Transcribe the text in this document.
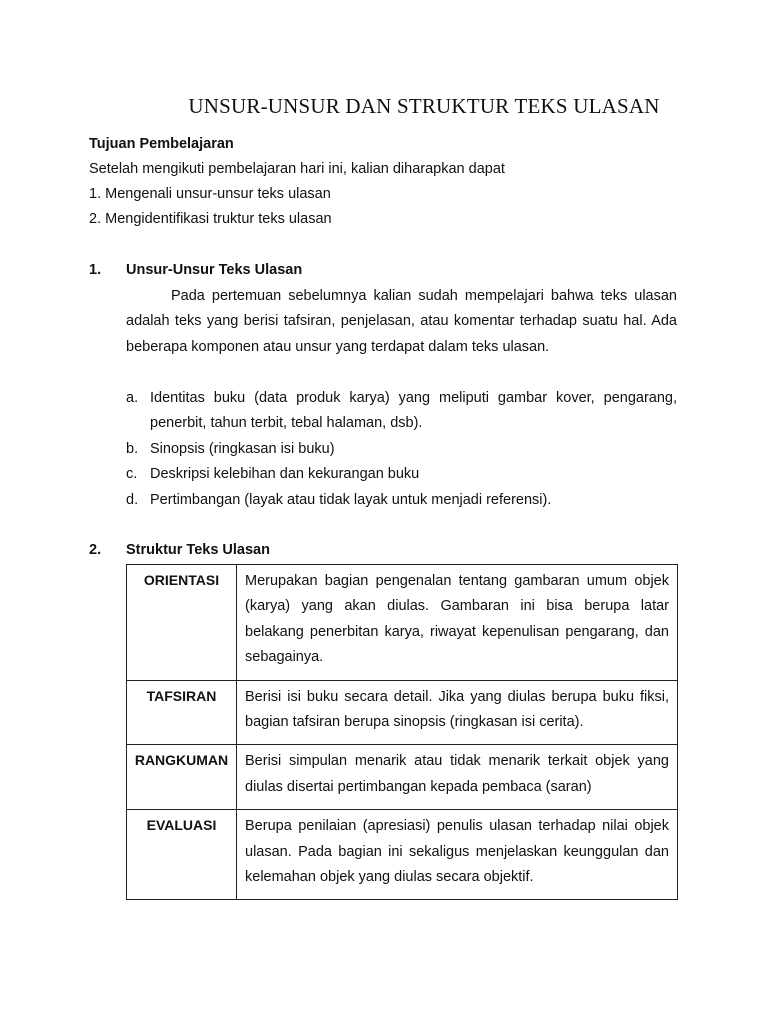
UNSUR-UNSUR DAN STRUKTUR TEKS ULASAN
Tujuan Pembelajaran
Setelah mengikuti pembelajaran hari ini, kalian diharapkan dapat
1. Mengenali unsur-unsur teks ulasan
2. Mengidentifikasi truktur teks ulasan
1. Unsur-Unsur Teks Ulasan
Pada pertemuan sebelumnya kalian sudah mempelajari bahwa teks ulasan adalah teks yang berisi tafsiran, penjelasan, atau komentar terhadap suatu hal. Ada beberapa komponen atau unsur yang terdapat dalam teks ulasan.
a. Identitas buku (data produk karya) yang meliputi gambar kover, pengarang, penerbit, tahun terbit, tebal halaman, dsb).
b. Sinopsis (ringkasan isi buku)
c. Deskripsi kelebihan dan kekurangan buku
d. Pertimbangan (layak atau tidak layak untuk menjadi referensi).
2. Struktur Teks Ulasan
ORIENTASI	Merupakan bagian pengenalan tentang gambaran umum objek (karya) yang akan diulas. Gambaran ini bisa berupa latar belakang penerbitan karya, riwayat kepenulisan pengarang, dan sebagainya.
TAFSIRAN	Berisi isi buku secara detail. Jika yang diulas berupa buku fiksi, bagian tafsiran berupa sinopsis (ringkasan isi cerita).
RANGKUMAN	Berisi simpulan menarik atau tidak menarik terkait objek yang diulas disertai pertimbangan kepada pembaca (saran)
EVALUASI	Berupa penilaian (apresiasi) penulis ulasan terhadap nilai objek ulasan. Pada bagian ini sekaligus menjelaskan keunggulan dan kelemahan objek yang diulas secara objektif.
